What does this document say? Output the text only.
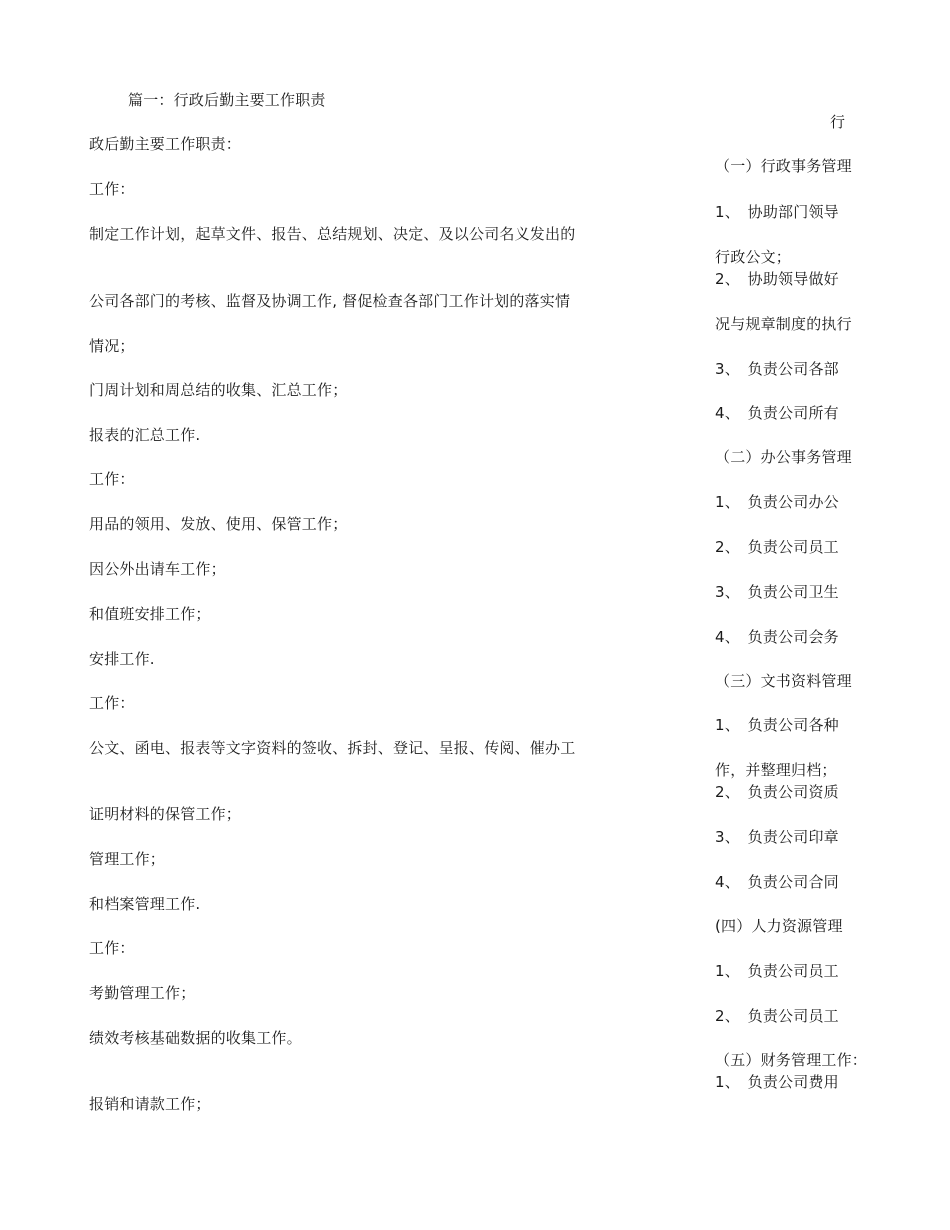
篇一：行政后勤主要工作职责
政后勤主要工作职责：
工作：
制定工作计划，起草文件、报告、总结规划、决定、及以公司名义发出的
公司各部门的考核、监督及协调工作, 督促检查各部门工作计划的落实情
情况；
门周计划和周总结的收集、汇总工作；
报表的汇总工作.
工作：
用品的领用、发放、使用、保管工作；
因公外出请车工作；
和值班安排工作；
安排工作.
工作：
公文、函电、报表等文字资料的签收、拆封、登记、呈报、传阅、催办工
证明材料的保管工作；
管理工作；
和档案管理工作.
工作：
考勤管理工作；
绩效考核基础数据的收集工作。
报销和请款工作；
行
（一）行政事务管理
1、　协助部门领导
行政公文；
2、　协助领导做好
况与规章制度的执行
3、　负责公司各部
4、　负责公司所有
（二）办公事务管理
1、　负责公司办公
2、　负责公司员工
3、　负责公司卫生
4、　负责公司会务
（三）文书资料管理
1、　负责公司各种
作，并整理归档；
2、　负责公司资质
3、　负责公司印章
4、　负责公司合同
(四）人力资源管理
1、　负责公司员工
2、　负责公司员工
（五）财务管理工作：
1、　负责公司费用
